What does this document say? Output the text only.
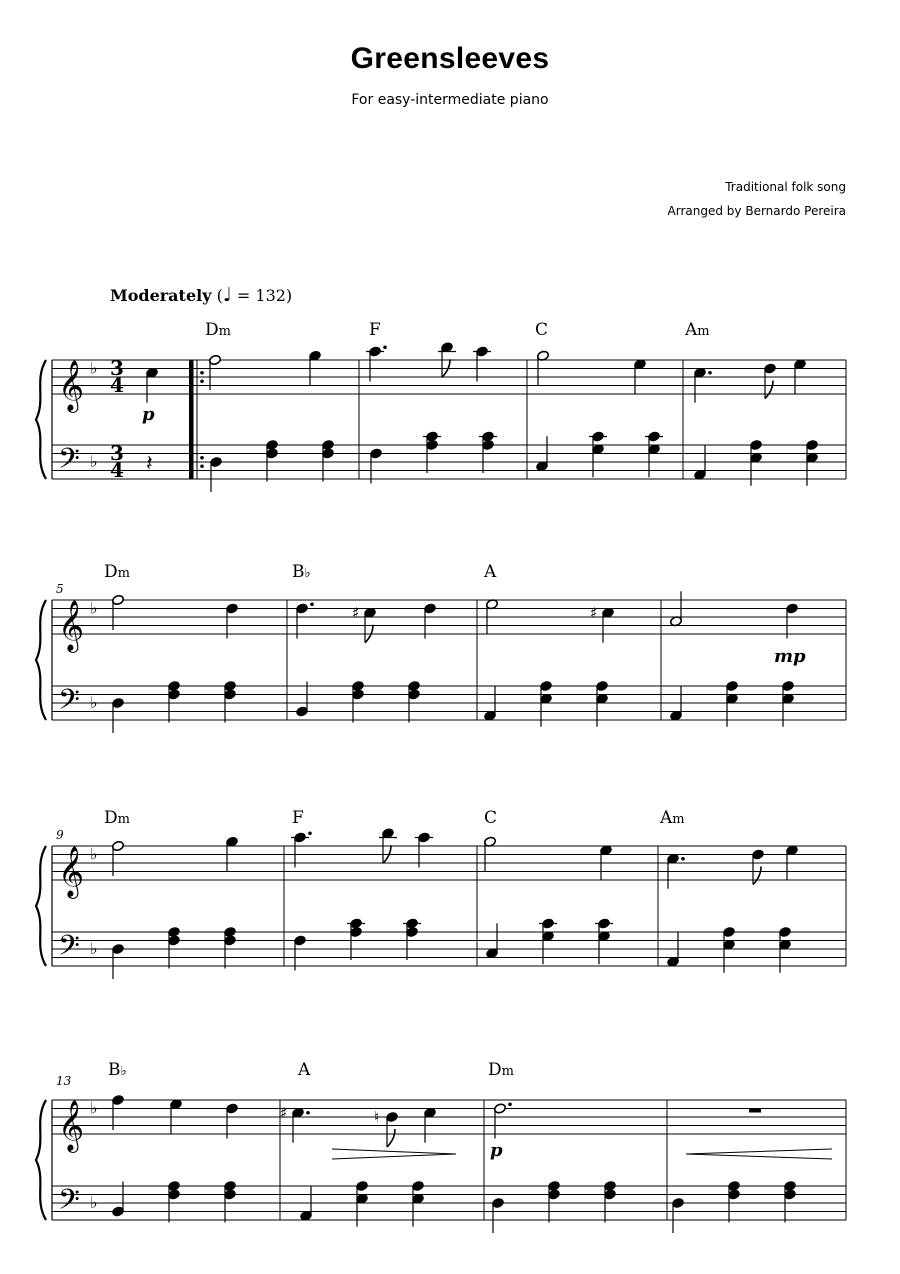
Greensleeves
For easy-intermediate piano
Traditional folk song
Arranged by Bernardo Pereira
Moderately (♩ = 132)
Dm	F	C	Am
p
5
Dm	B♭	A
mp
9
Dm	F	C	Am
13
B♭	A	Dm
p
𝄞
𝄢
♭
♭
𝄞
𝄢
♭
♭
𝄞
𝄢
♭
♭
𝄞
𝄢
♭
♭
3
4
3
4 𝄽
♯	♯
♯	♮
